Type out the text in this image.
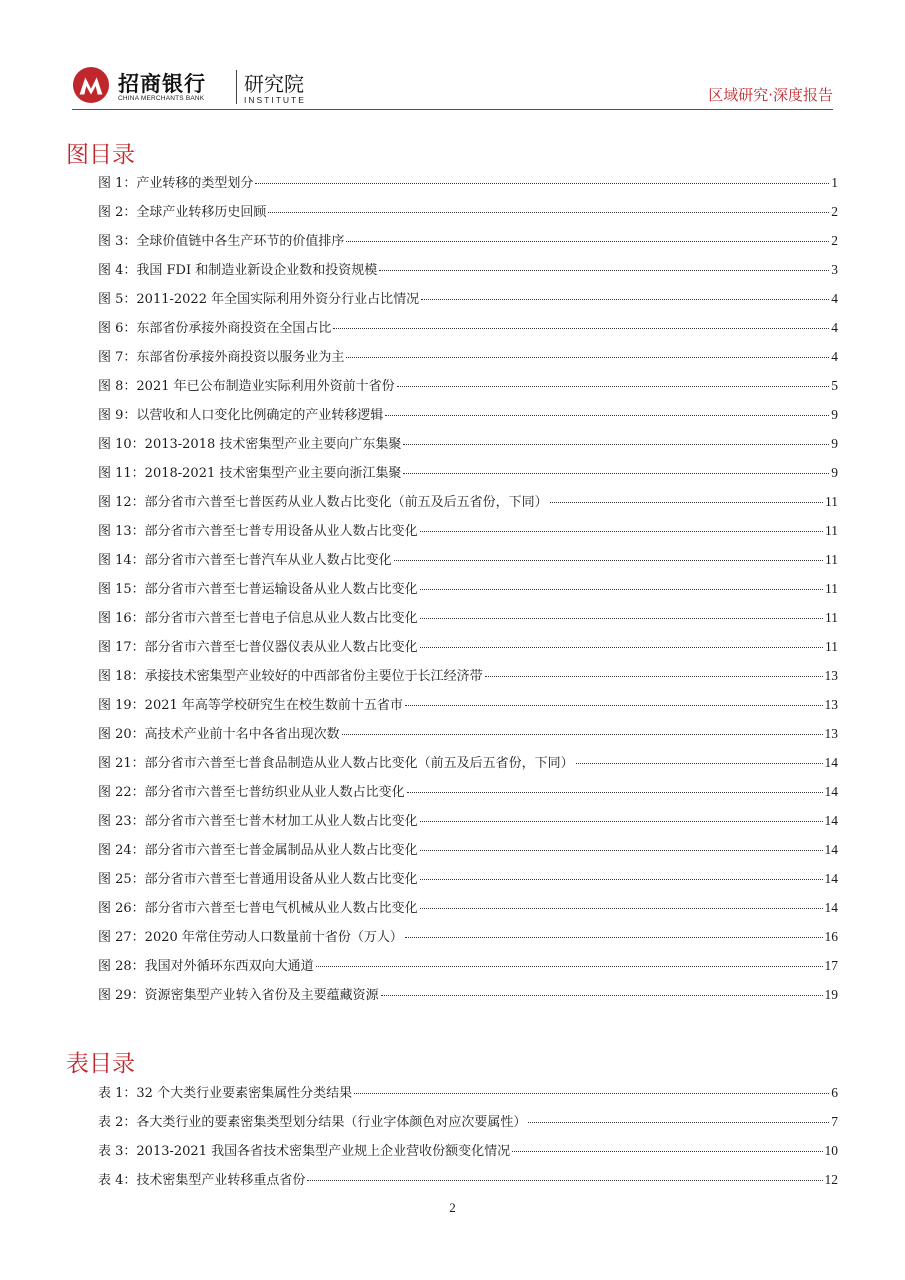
招商银行
CHINA MERCHANTS BANK
研究院
INSTITUTE	区域研究·深度报告
图目录
图 1：产业转移的类型划分	1
图 2：全球产业转移历史回顾	2
图 3：全球价值链中各生产环节的价值排序	2
图 4：我国 FDI 和制造业新设企业数和投资规模	3
图 5：2011-2022 年全国实际利用外资分行业占比情况	4
图 6：东部省份承接外商投资在全国占比	4
图 7：东部省份承接外商投资以服务业为主	4
图 8：2021 年已公布制造业实际利用外资前十省份	5
图 9：以营收和人口变化比例确定的产业转移逻辑	9
图 10：2013-2018 技术密集型产业主要向广东集聚	9
图 11：2018-2021 技术密集型产业主要向浙江集聚	9
图 12：部分省市六普至七普医药从业人数占比变化（前五及后五省份，下同）	11
图 13：部分省市六普至七普专用设备从业人数占比变化	11
图 14：部分省市六普至七普汽车从业人数占比变化	11
图 15：部分省市六普至七普运输设备从业人数占比变化	11
图 16：部分省市六普至七普电子信息从业人数占比变化	11
图 17：部分省市六普至七普仪器仪表从业人数占比变化	11
图 18：承接技术密集型产业较好的中西部省份主要位于长江经济带	13
图 19：2021 年高等学校研究生在校生数前十五省市	13
图 20：高技术产业前十名中各省出现次数	13
图 21：部分省市六普至七普食品制造从业人数占比变化（前五及后五省份，下同）	14
图 22：部分省市六普至七普纺织业从业人数占比变化	14
图 23：部分省市六普至七普木材加工从业人数占比变化	14
图 24：部分省市六普至七普金属制品从业人数占比变化	14
图 25：部分省市六普至七普通用设备从业人数占比变化	14
图 26：部分省市六普至七普电气机械从业人数占比变化	14
图 27：2020 年常住劳动人口数量前十省份（万人）	16
图 28：我国对外循环东西双向大通道	17
图 29：资源密集型产业转入省份及主要蕴藏资源	19
表目录
表 1：32 个大类行业要素密集属性分类结果	6
表 2：各大类行业的要素密集类型划分结果（行业字体颜色对应次要属性）	7
表 3：2013-2021 我国各省技术密集型产业规上企业营收份额变化情况	10
表 4：技术密集型产业转移重点省份	12
2
